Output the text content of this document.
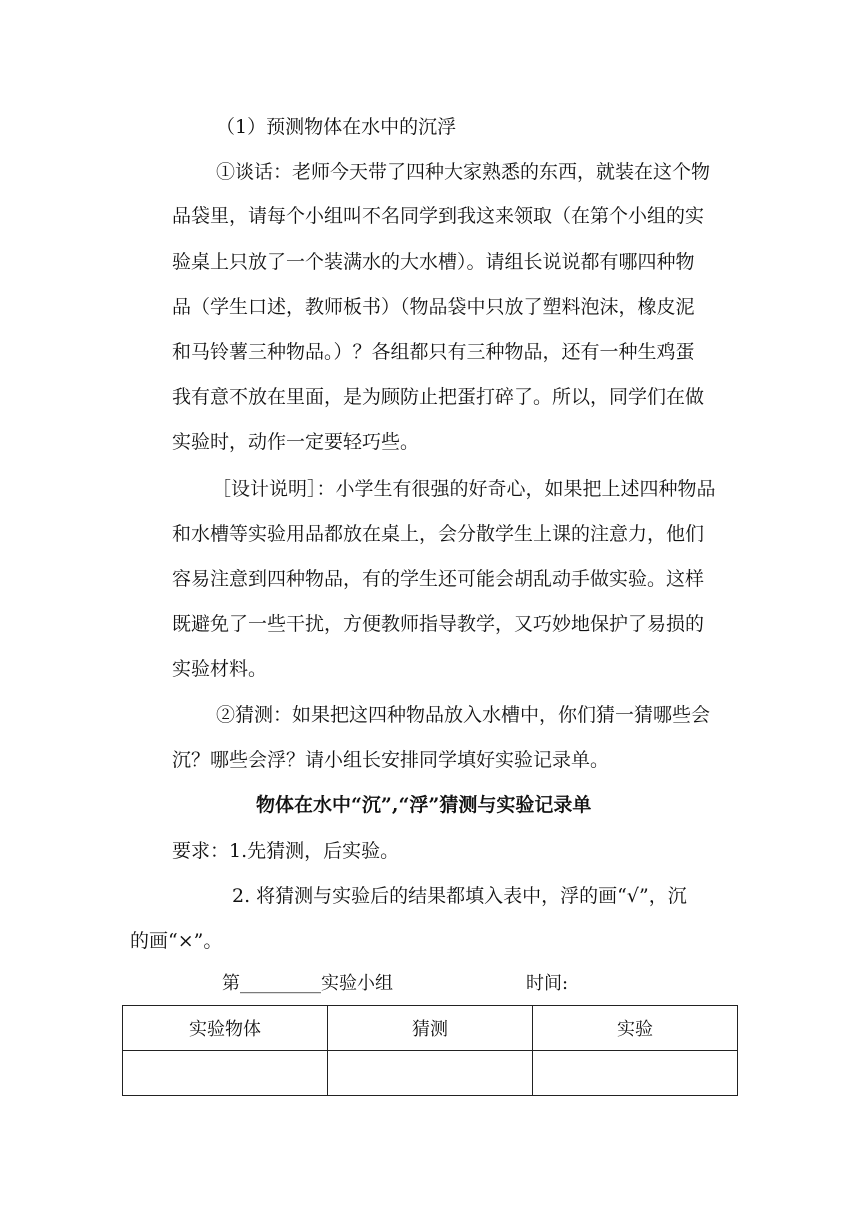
（1）预测物体在水中的沉浮
①谈话：老师今天带了四种大家熟悉的东西，就装在这个物
品袋里，请每个小组叫不名同学到我这来领取（在第个小组的实
验桌上只放了一个装满水的大水槽）。请组长说说都有哪四种物
品（学生口述，教师板书）（物品袋中只放了塑料泡沫，橡皮泥
和马铃薯三种物品。）？各组都只有三种物品，还有一种生鸡蛋
我有意不放在里面，是为顾防止把蛋打碎了。所以，同学们在做
实验时，动作一定要轻巧些。
［设计说明］：小学生有很强的好奇心，如果把上述四种物品
和水槽等实验用品都放在桌上，会分散学生上课的注意力，他们
容易注意到四种物品，有的学生还可能会胡乱动手做实验。这样
既避免了一些干扰，方便教师指导教学，又巧妙地保护了易损的
实验材料。
②猜测：如果把这四种物品放入水槽中，你们猜一猜哪些会
沉？哪些会浮？请小组长安排同学填好实验记录单。
物体在水中“沉”,“浮”猜测与实验记录单
要求：1.先猜测，后实验。
2. 将猜测与实验后的结果都填入表中，浮的画“√”，沉
的画“×”。
第_________实验小组	时间:
实验物体	猜测	实验
